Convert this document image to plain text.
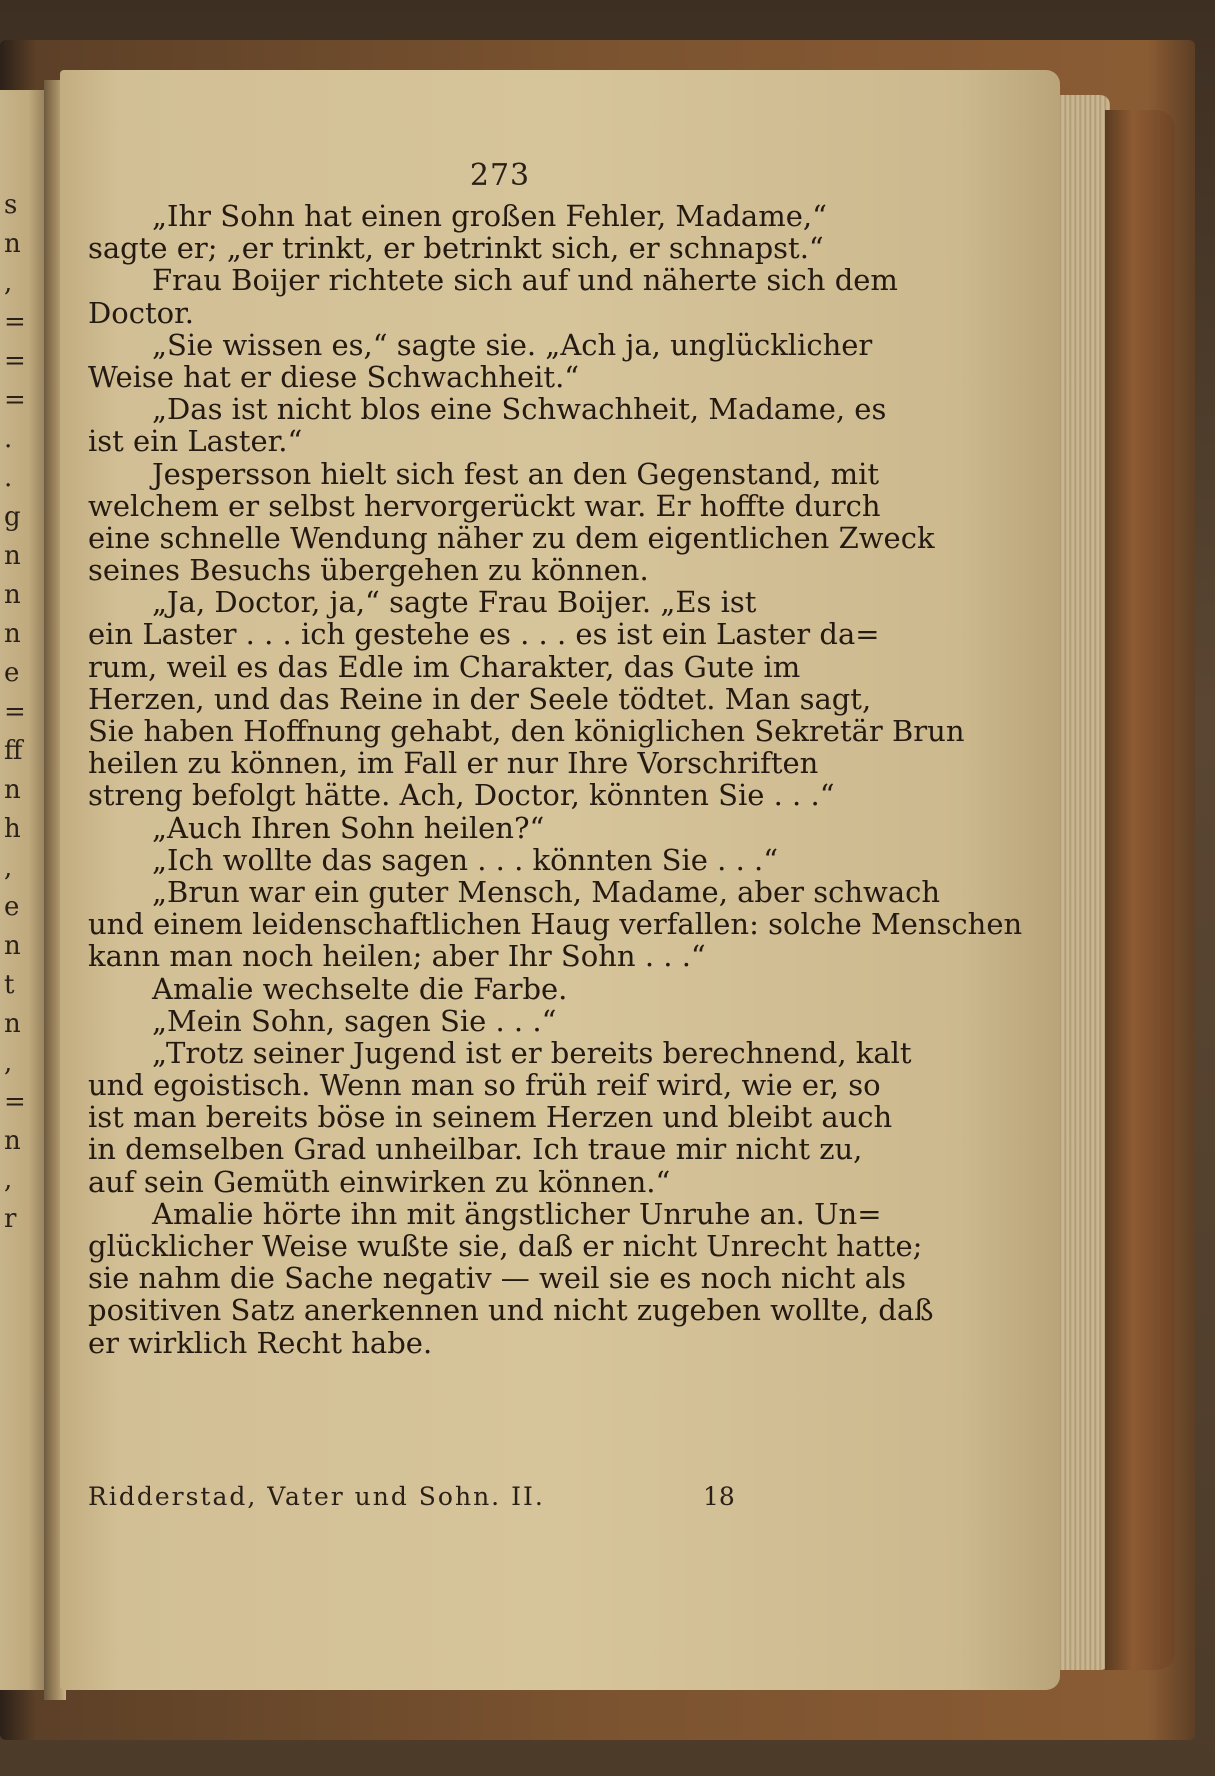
s
n
,
=
=
=
.
.
g
n
n
n
e
=
ff
n
h
,
e
n
t
n
,
=
n
,
r
273
„Ihr Sohn hat einen großen Fehler, Madame,“
sagte er; „er trinkt, er betrinkt sich, er schnapst.“
Frau Boijer richtete sich auf und näherte sich dem
Doctor.
„Sie wissen es,“ sagte sie. „Ach ja, unglücklicher
Weise hat er diese Schwachheit.“
„Das ist nicht blos eine Schwachheit, Madame, es
ist ein Laster.“
Jespersson hielt sich fest an den Gegenstand, mit
welchem er selbst hervorgerückt war. Er hoffte durch
eine schnelle Wendung näher zu dem eigentlichen Zweck
seines Besuchs übergehen zu können.
„Ja, Doctor, ja,“ sagte Frau Boijer. „Es ist
ein Laster . . . ich gestehe es . . . es ist ein Laster da=
rum, weil es das Edle im Charakter, das Gute im
Herzen, und das Reine in der Seele tödtet. Man sagt,
Sie haben Hoffnung gehabt, den königlichen Sekretär Brun
heilen zu können, im Fall er nur Ihre Vorschriften
streng befolgt hätte. Ach, Doctor, könnten Sie . . .“
„Auch Ihren Sohn heilen?“
„Ich wollte das sagen . . . könnten Sie . . .“
„Brun war ein guter Mensch, Madame, aber schwach
und einem leidenschaftlichen Haug verfallen: solche Menschen
kann man noch heilen; aber Ihr Sohn . . .“
Amalie wechselte die Farbe.
„Mein Sohn, sagen Sie . . .“
„Trotz seiner Jugend ist er bereits berechnend, kalt
und egoistisch. Wenn man so früh reif wird, wie er, so
ist man bereits böse in seinem Herzen und bleibt auch
in demselben Grad unheilbar. Ich traue mir nicht zu,
auf sein Gemüth einwirken zu können.“
Amalie hörte ihn mit ängstlicher Unruhe an. Un=
glücklicher Weise wußte sie, daß er nicht Unrecht hatte;
sie nahm die Sache negativ — weil sie es noch nicht als
positiven Satz anerkennen und nicht zugeben wollte, daß
er wirklich Recht habe.
Ridderstad, Vater und Sohn. II.	18
